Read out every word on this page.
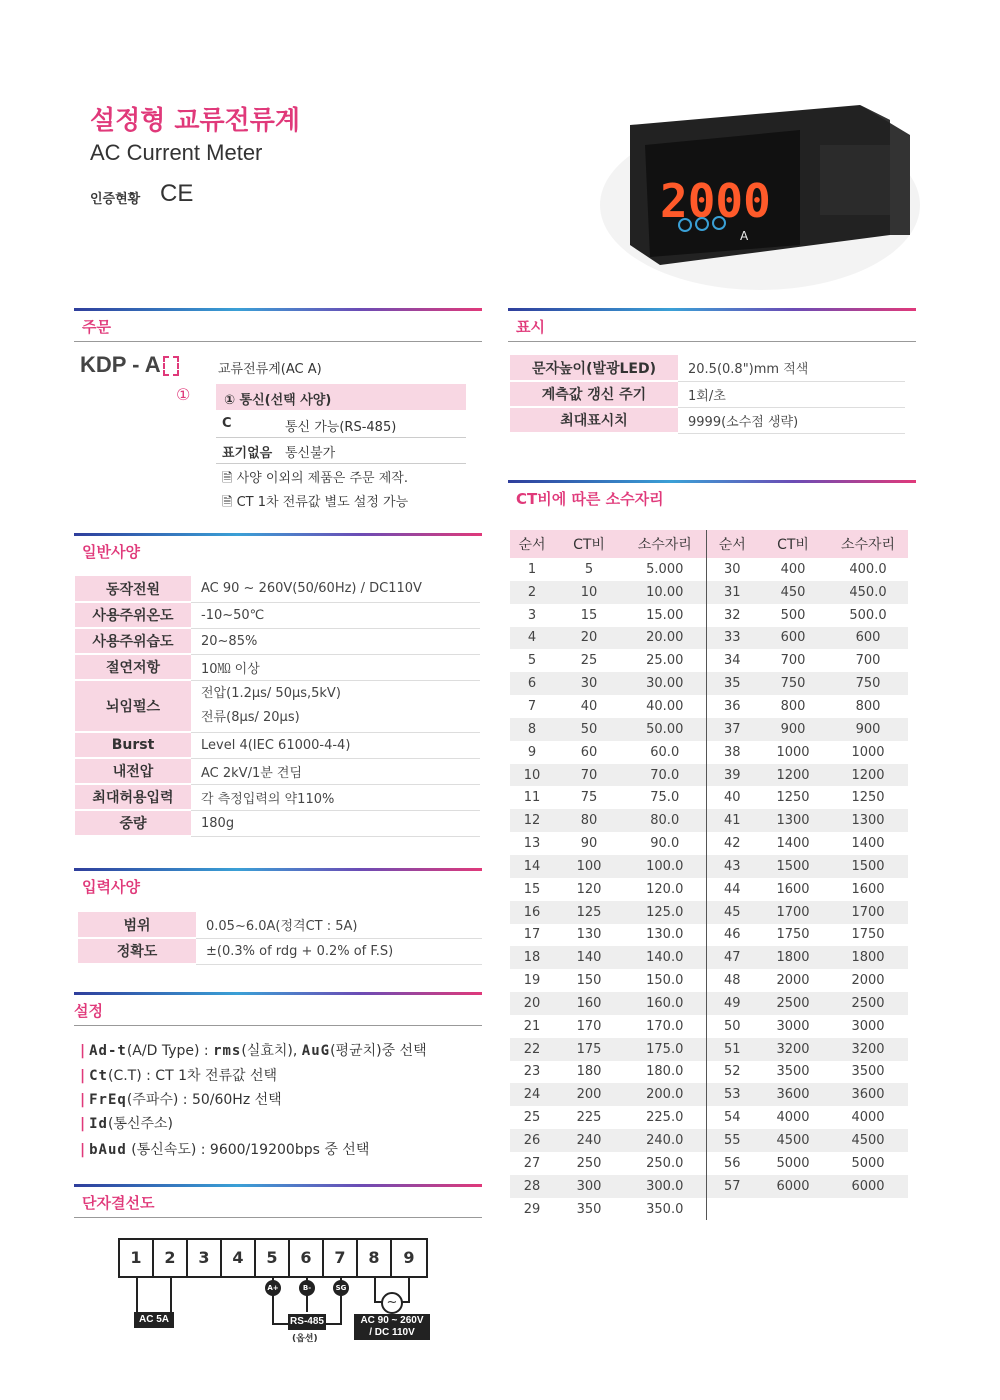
설정형 교류전류계
AC Current Meter
인증현황 CE	2000
A
주문
KDP - A
①
교류전류계(AC A)
① 통신(선택 사양)
C	통신 가능(RS-485)
표기없음 통신불가
🗎 사양 이외의 제품은 주문 제작.
🗎 CT 1차 전류값 별도 설정 가능
표시
문자높이(발광LED)	20.5(0.8")mm 적색
계측값 갱신 주기	1회/초
최대표시치	9999(소수점 생략)
CT비에 따른 소수자리
순서	CT비	소수자리	순서	CT비	소수자리
1	5	5.000	30	400	400.0
2	10	10.00	31	450	450.0
3	15	15.00	32	500	500.0
4	20	20.00	33	600	600
5	25	25.00	34	700	700
6	30	30.00	35	750	750
7	40	40.00	36	800	800
8	50	50.00	37	900	900
9	60	60.0	38	1000	1000
10	70	70.0	39	1200	1200
11	75	75.0	40	1250	1250
12	80	80.0	41	1300	1300
13	90	90.0	42	1400	1400
14	100	100.0	43	1500	1500
15	120	120.0	44	1600	1600
16	125	125.0	45	1700	1700
17	130	130.0	46	1750	1750
18	140	140.0	47	1800	1800
19	150	150.0	48	2000	2000
20	160	160.0	49	2500	2500
21	170	170.0	50	3000	3000
22	175	175.0	51	3200	3200
23	180	180.0	52	3500	3500
24	200	200.0	53	3600	3600
25	225	225.0	54	4000	4000
26	240	240.0	55	4500	4500
27	250	250.0	56	5000	5000
28	300	300.0	57	6000	6000
29	350	350.0			
일반사양
동작전원	AC 90 ~ 260V(50/60Hz) / DC110V
사용주위온도	-10~50℃
사용주위습도	20~85%
절연저항	10㏁ 이상
뇌임펄스	전압(1.2μs/ 50μs,5kV)
전류(8μs/ 20μs)

Burst	Level 4(IEC 61000-4-4)
내전압	AC 2kV/1분 견딤
최대허용입력	각 측정입력의 약110%
중량	180g
입력사양
범위	0.05~6.0A(정격CT : 5A)
정확도	±(0.3% of rdg + 0.2% of F.S)
설정
| Ad-t(A/D Type) : rms(실효치), AuG(평균치)중 선택
| Ct(C.T) : CT 1차 전류값 선택
| FrEq(주파수) : 50/60Hz 선택
| Id(통신주소)
| bAud (통신속도) : 9600/19200bps 중 선택
단자결선도
1	2	3	4	5	6	7	8	9
A+	B-	SG
~
AC 5A	RS-485
(옵션)
AC 90 ~ 260V
/ DC 110V
